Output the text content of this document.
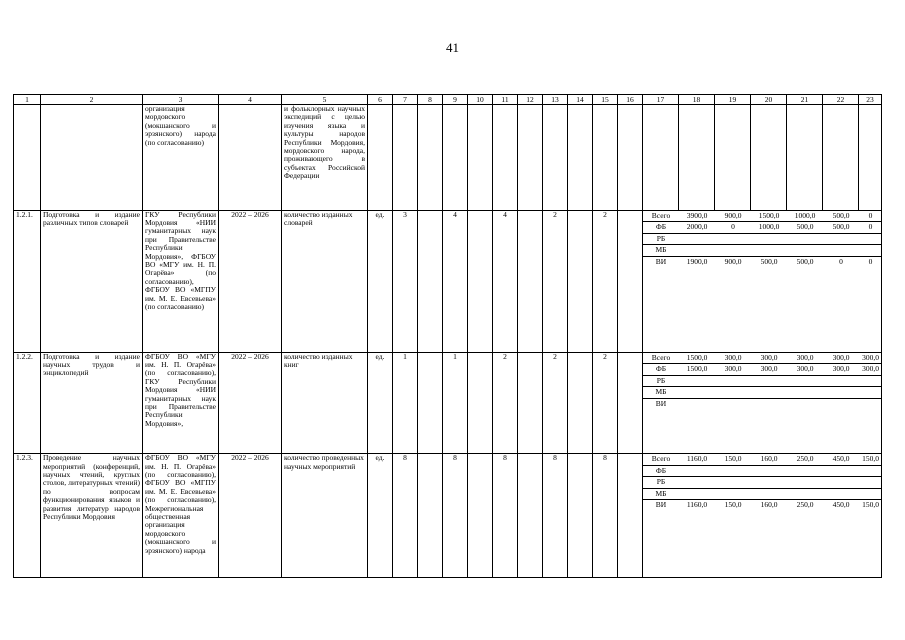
41
1	2	3	4	5	6	7	8	9	10	11	12	13	14	15	16	17	18	19	20	21	22	23
		организация мордовского (мокшанского и эрзянского) народа (по согласованию)		и фольклорных научных экспедиций с целью изучения языка и культуры народов Республики Мордовия, мордовского народа, проживающего в субъектах Российской Федерации																		
1.2.1.	Подготовка и издание различных типов словарей	ГКУ Республики Мордовия «НИИ гуманитарных наук при Правительстве Республики Мордовия», ФГБОУ ВО «МГУ им. Н. П. Огарёва» (по согласованию), ФГБОУ ВО «МГПУ им. М. Е. Евсевьева» (по согласованию)	2022 – 2026	количество изданных словарей	ед.	3		4		4		2		2			Всего	3900,0	900,0	1500,0	1000,0	500,0	0
ФБ	2000,0	0	1000,0	500,0	500,0	0
РБ						
МБ						
ВИ	1900,0	900,0	500,0	500,0	0	0

1.2.2.	Подготовка и издание научных трудов и энциклопедий	ФГБОУ ВО «МГУ им. Н. П. Огарёва» (по согласованию), ГКУ Республики Мордовия «НИИ гуманитарных наук при Правительстве Республики Мордовия»,	2022 – 2026	количество изданных книг	ед.	1		1		2		2		2			Всего	1500,0	300,0	300,0	300,0	300,0	300,0
ФБ	1500,0	300,0	300,0	300,0	300,0	300,0
РБ						
МБ						
ВИ						

1.2.3.	Проведение научных мероприятий (конференций, научных чтений, круглых столов, литературных чтений) по вопросам функционирования языков и развития литератур народов Республики Мордовия	ФГБОУ ВО «МГУ им. Н. П. Огарёва» (по согласованию), ФГБОУ ВО «МГПУ им. М. Е. Евсевьева» (по согласованию), Межрегиональная общественная организация мордовского (мокшанского и эрзянского) народа	2022 – 2026	количество проведенных научных мероприятий	ед.	8		8		8		8		8			Всего	1160,0	150,0	160,0	250,0	450,0	150,0
ФБ						
РБ						
МБ						
ВИ	1160,0	150,0	160,0	250,0	450,0	150,0
